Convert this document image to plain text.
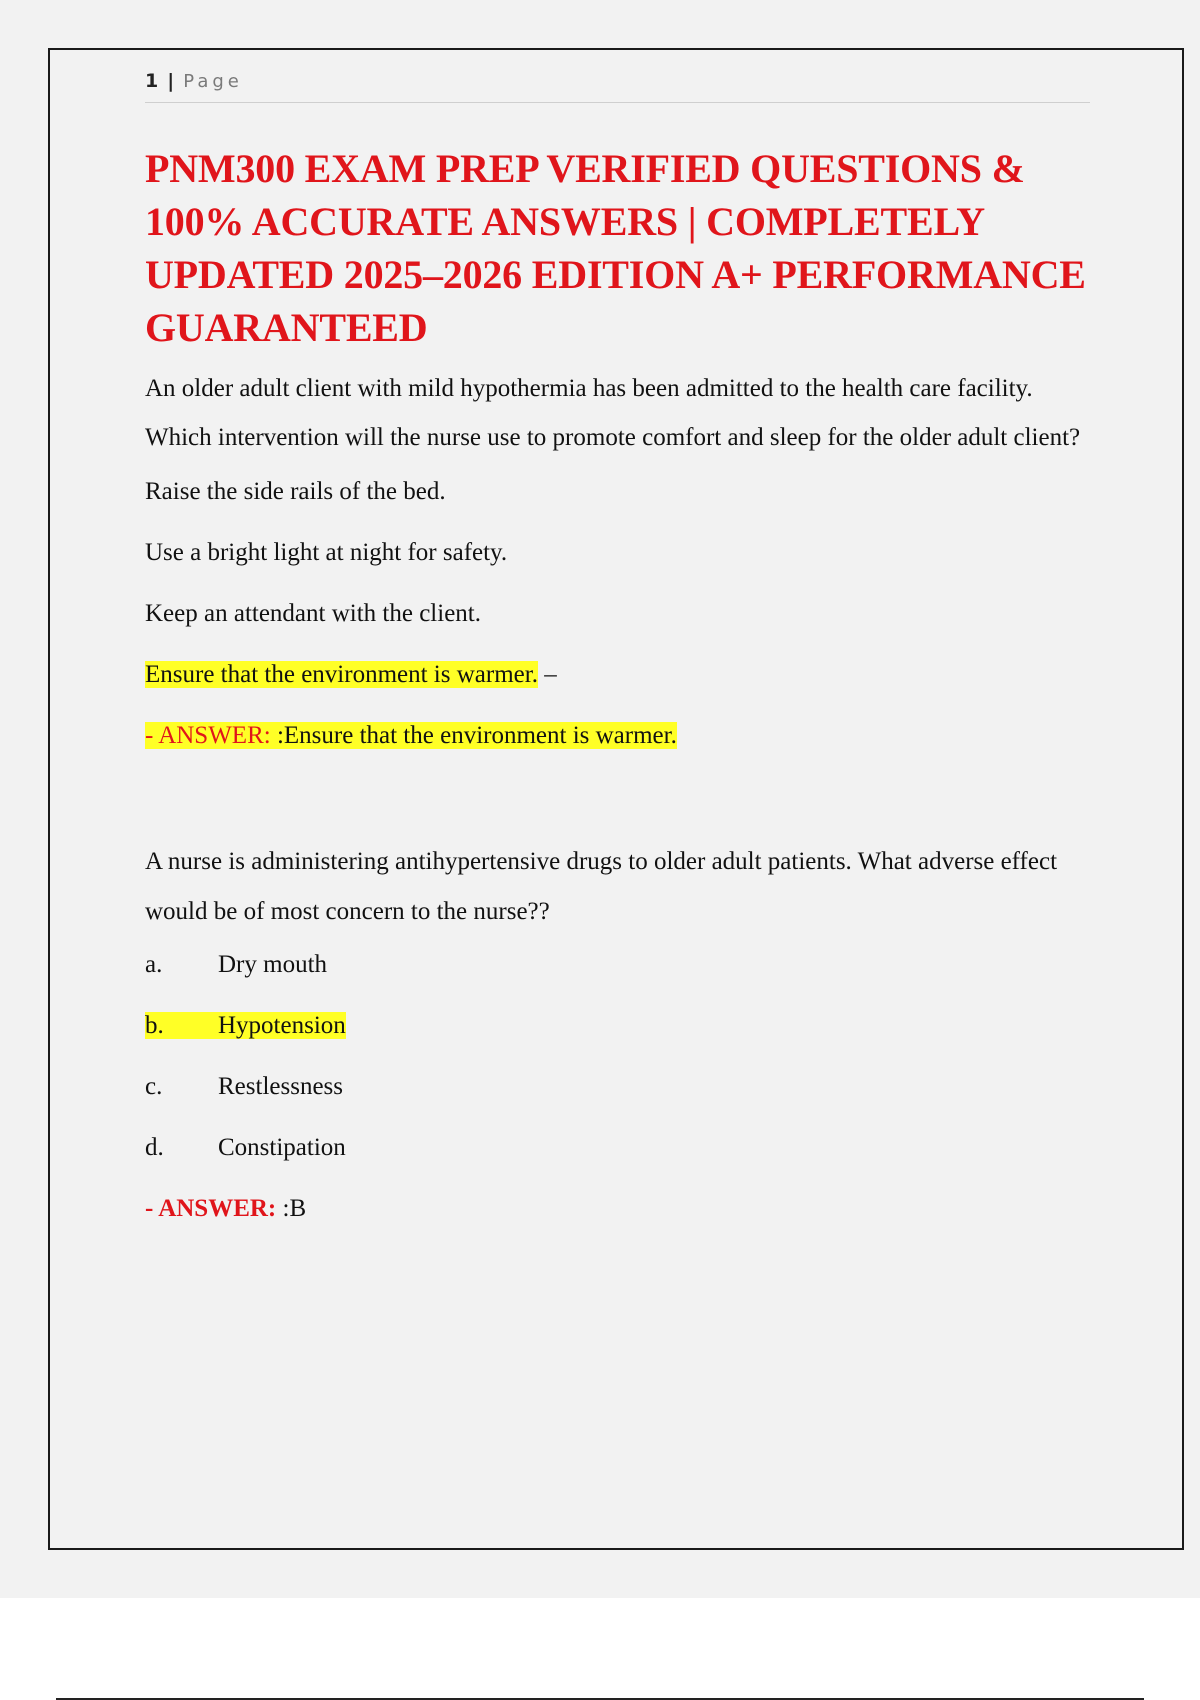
1 | Page
PNM300 EXAM PREP VERIFIED QUESTIONS & 100% ACCURATE ANSWERS | COMPLETELY UPDATED 2025–2026 EDITION A+ PERFORMANCE GUARANTEED

An older adult client with mild hypothermia has been admitted to the health care facility. Which intervention will the nurse use to promote comfort and sleep for the older adult client?

Raise the side rails of the bed.

Use a bright light at night for safety.

Keep an attendant with the client.

Ensure that the environment is warmer. –

- ANSWER: :Ensure that the environment is warmer.

A nurse is administering antihypertensive drugs to older adult patients. What adverse effect would be of most concern to the nurse??

a. Dry mouth

b. Hypotension

c. Restlessness

d. Constipation

- ANSWER: :B
